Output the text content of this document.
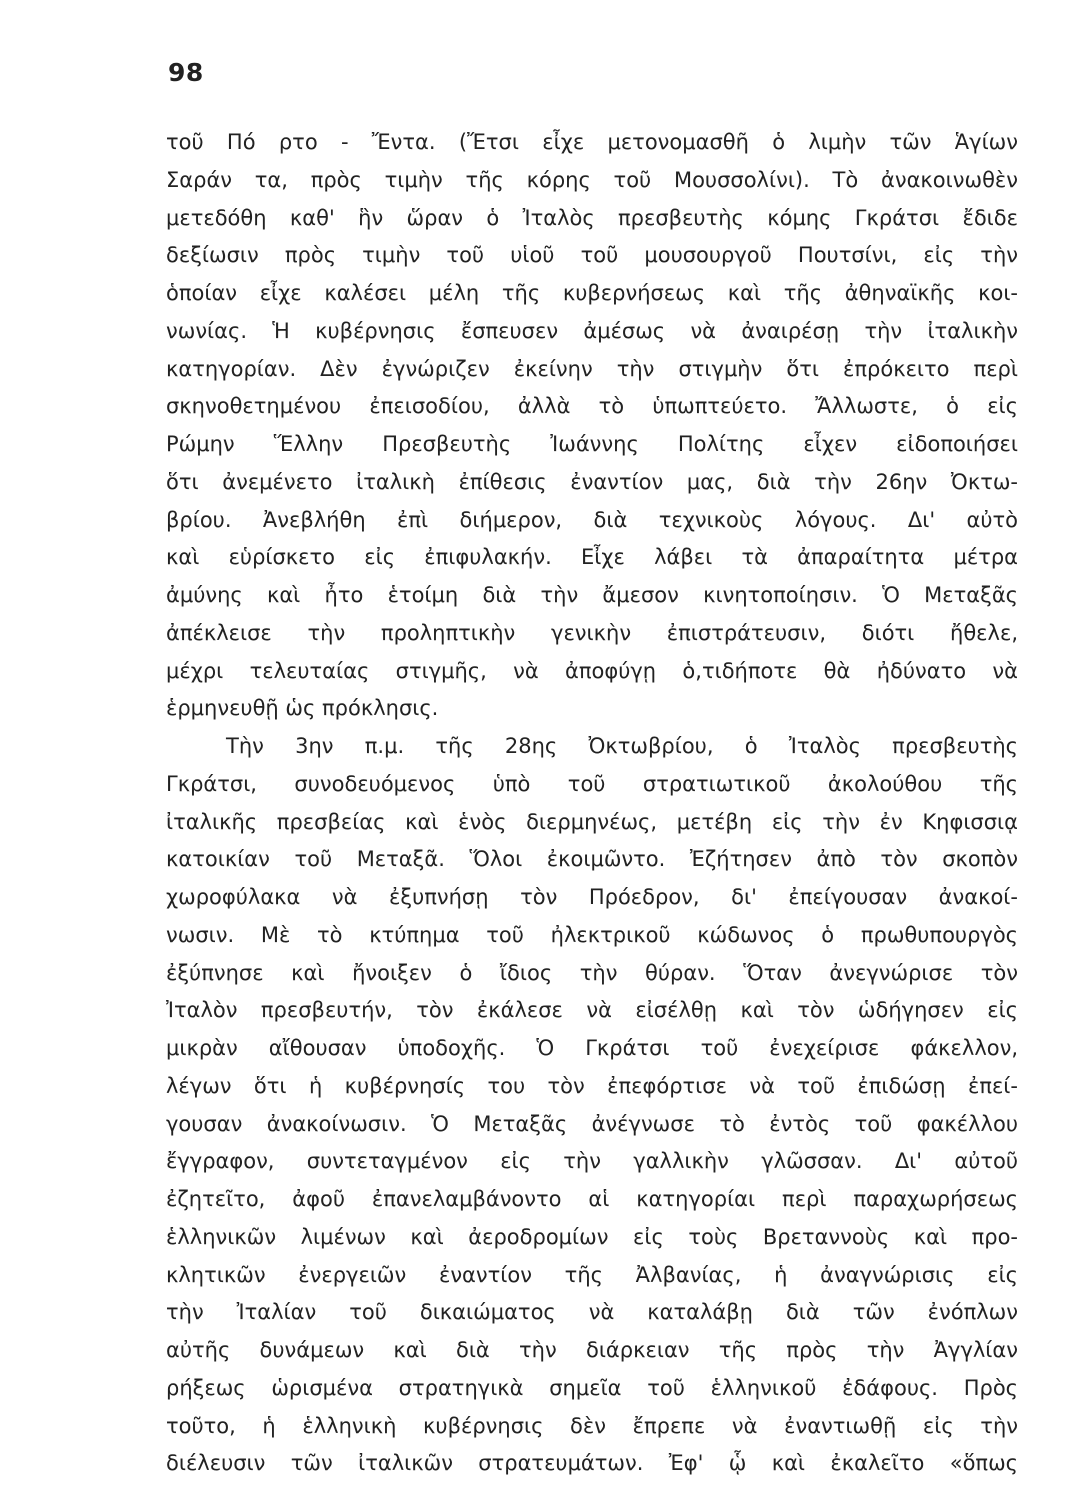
98
τοῦ Πό ρτο - Ἔντα. (Ἔτσι εἶχε μετονομασθῆ ὁ λιμὴν τῶν Ἁγίων
Σαράν τα, πρὸς τιμὴν τῆς κόρης τοῦ Μουσσολίνι). Τὸ ἀνακοινωθὲν
μετεδόθη καθ' ἣν ὥραν ὁ Ἰταλὸς πρεσβευτὴς κόμης Γκράτσι ἔδιδε
δεξίωσιν πρὸς τιμὴν τοῦ υἱοῦ τοῦ μουσουργοῦ Πουτσίνι, εἰς τὴν
ὁποίαν εἶχε καλέσει μέλη τῆς κυβερνήσεως καὶ τῆς ἀθηναϊκῆς κοι-
νωνίας. Ἡ κυβέρνησις ἔσπευσεν ἀμέσως νὰ ἀναιρέσῃ τὴν ἰταλικὴν
κατηγορίαν. Δὲν ἐγνώριζεν ἐκείνην τὴν στιγμὴν ὅτι ἐπρόκειτο περὶ
σκηνοθετημένου ἐπεισοδίου, ἀλλὰ τὸ ὑπωπτεύετο. Ἄλλωστε, ὁ εἰς
Ρώμην Ἕλλην Πρεσβευτὴς Ἰωάννης Πολίτης εἶχεν εἰδοποιήσει
ὅτι ἀνεμένετο ἰταλικὴ ἐπίθεσις ἐναντίον μας, διὰ τὴν 26ην Ὀκτω-
βρίου. Ἀνεβλήθη ἐπὶ διήμερον, διὰ τεχνικοὺς λόγους. Δι' αὐτὸ
καὶ εὑρίσκετο εἰς ἐπιφυλακήν. Εἶχε λάβει τὰ ἀπαραίτητα μέτρα
ἀμύνης καὶ ἦτο ἑτοίμη διὰ τὴν ἄμεσον κινητοποίησιν. Ὁ Μεταξᾶς
ἀπέκλεισε τὴν προληπτικὴν γενικὴν ἐπιστράτευσιν, διότι ἤθελε,
μέχρι τελευταίας στιγμῆς, νὰ ἀποφύγῃ ὁ,τιδήποτε θὰ ἠδύνατο νὰ
ἑρμηνευθῇ ὡς πρόκλησις.
Τὴν 3ην π.μ. τῆς 28ης Ὀκτωβρίου, ὁ Ἰταλὸς πρεσβευτὴς
Γκράτσι, συνοδευόμενος ὑπὸ τοῦ στρατιωτικοῦ ἀκολούθου τῆς
ἰταλικῆς πρεσβείας καὶ ἑνὸς διερμηνέως, μετέβη εἰς τὴν ἐν Κηφισσιᾳ
κατοικίαν τοῦ Μεταξᾶ. Ὅλοι ἐκοιμῶντο. Ἐζήτησεν ἀπὸ τὸν σκοπὸν
χωροφύλακα νὰ ἐξυπνήσῃ τὸν Πρόεδρον, δι' ἐπείγουσαν ἀνακοί-
νωσιν. Μὲ τὸ κτύπημα τοῦ ἠλεκτρικοῦ κώδωνος ὁ πρωθυπουργὸς
ἐξύπνησε καὶ ἤνοιξεν ὁ ἴδιος τὴν θύραν. Ὅταν ἀνεγνώρισε τὸν
Ἰταλὸν πρεσβευτήν, τὸν ἐκάλεσε νὰ εἰσέλθῃ καὶ τὸν ὡδήγησεν εἰς
μικρὰν αἴθουσαν ὑποδοχῆς. Ὁ Γκράτσι τοῦ ἐνεχείρισε φάκελλον,
λέγων ὅτι ἡ κυβέρνησίς του τὸν ἐπεφόρτισε νὰ τοῦ ἐπιδώσῃ ἐπεί-
γουσαν ἀνακοίνωσιν. Ὁ Μεταξᾶς ἀνέγνωσε τὸ ἐντὸς τοῦ φακέλλου
ἔγγραφον, συντεταγμένον εἰς τὴν γαλλικὴν γλῶσσαν. Δι' αὐτοῦ
ἐζητεῖτο, ἀφοῦ ἐπανελαμβάνοντο αἱ κατηγορίαι περὶ παραχωρήσεως
ἑλληνικῶν λιμένων καὶ ἀεροδρομίων εἰς τοὺς Βρεταννοὺς καὶ προ-
κλητικῶν ἐνεργειῶν ἐναντίον τῆς Ἀλβανίας, ἡ ἀναγνώρισις εἰς
τὴν Ἰταλίαν τοῦ δικαιώματος νὰ καταλάβῃ διὰ τῶν ἐνόπλων
αὐτῆς δυνάμεων καὶ διὰ τὴν διάρκειαν τῆς πρὸς τὴν Ἀγγλίαν
ρήξεως ὡρισμένα στρατηγικὰ σημεῖα τοῦ ἑλληνικοῦ ἐδάφους. Πρὸς
τοῦτο, ἡ ἑλληνικὴ κυβέρνησις δὲν ἔπρεπε νὰ ἐναντιωθῇ εἰς τὴν
διέλευσιν τῶν ἰταλικῶν στρατευμάτων. Ἐφ' ᾧ καὶ ἐκαλεῖτο «ὅπως
